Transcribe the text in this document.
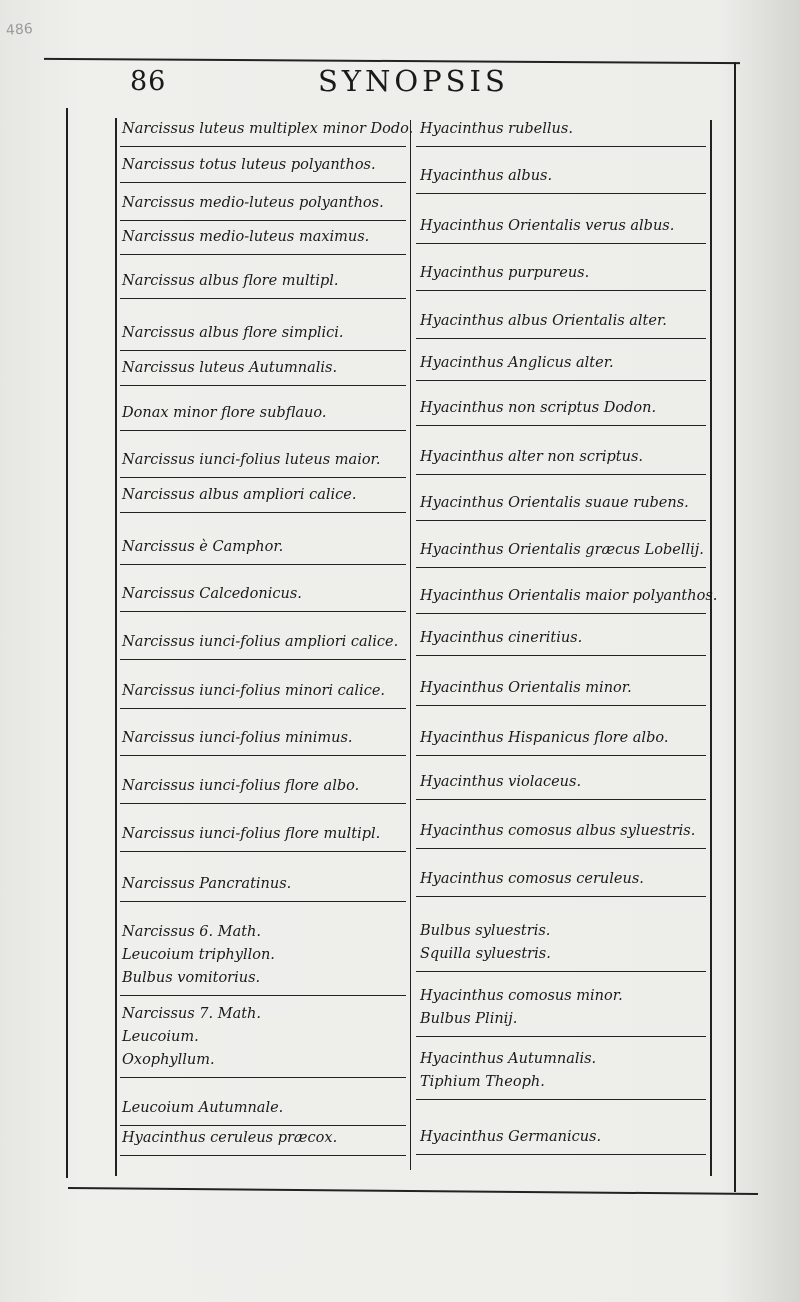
486
86	SYNOPSIS
Narcissus luteus multiplex minor Dodo.
Narcissus totus luteus polyanthos.
Narcissus medio-luteus polyanthos.
Narcissus medio-luteus maximus.
Narcissus albus flore multipl.
Narcissus albus flore simplici.
Narcissus luteus Autumnalis.
Donax minor flore subflauo.
Narcissus iunci-folius luteus maior.
Narcissus albus ampliori calice.
Narcissus è Camphor.
Narcissus Calcedonicus.
Narcissus iunci-folius ampliori calice.
Narcissus iunci-folius minori calice.
Narcissus iunci-folius minimus.
Narcissus iunci-folius flore albo.
Narcissus iunci-folius flore multipl.
Narcissus Pancratinus.
Narcissus 6. Math.
Leucoium triphyllon.
Bulbus vomitorius.
Narcissus 7. Math.
Leucoium.
Oxophyllum.
Leucoium Autumnale.
Hyacinthus ceruleus præcox.
Hyacinthus rubellus.
Hyacinthus albus.
Hyacinthus Orientalis verus albus.
Hyacinthus purpureus.
Hyacinthus albus Orientalis alter.
Hyacinthus Anglicus alter.
Hyacinthus non scriptus Dodon.
Hyacinthus alter non scriptus.
Hyacinthus Orientalis suaue rubens.
Hyacinthus Orientalis græcus Lobellij.
Hyacinthus Orientalis maior polyanthos.
Hyacinthus cineritius.
Hyacinthus Orientalis minor.
Hyacinthus Hispanicus flore albo.
Hyacinthus violaceus.
Hyacinthus comosus albus syluestris.
Hyacinthus comosus ceruleus.
Bulbus syluestris.
Squilla syluestris.
Hyacinthus comosus minor.
Bulbus Plinij.
Hyacinthus Autumnalis.
Tiphium Theoph.
Hyacinthus Germanicus.
